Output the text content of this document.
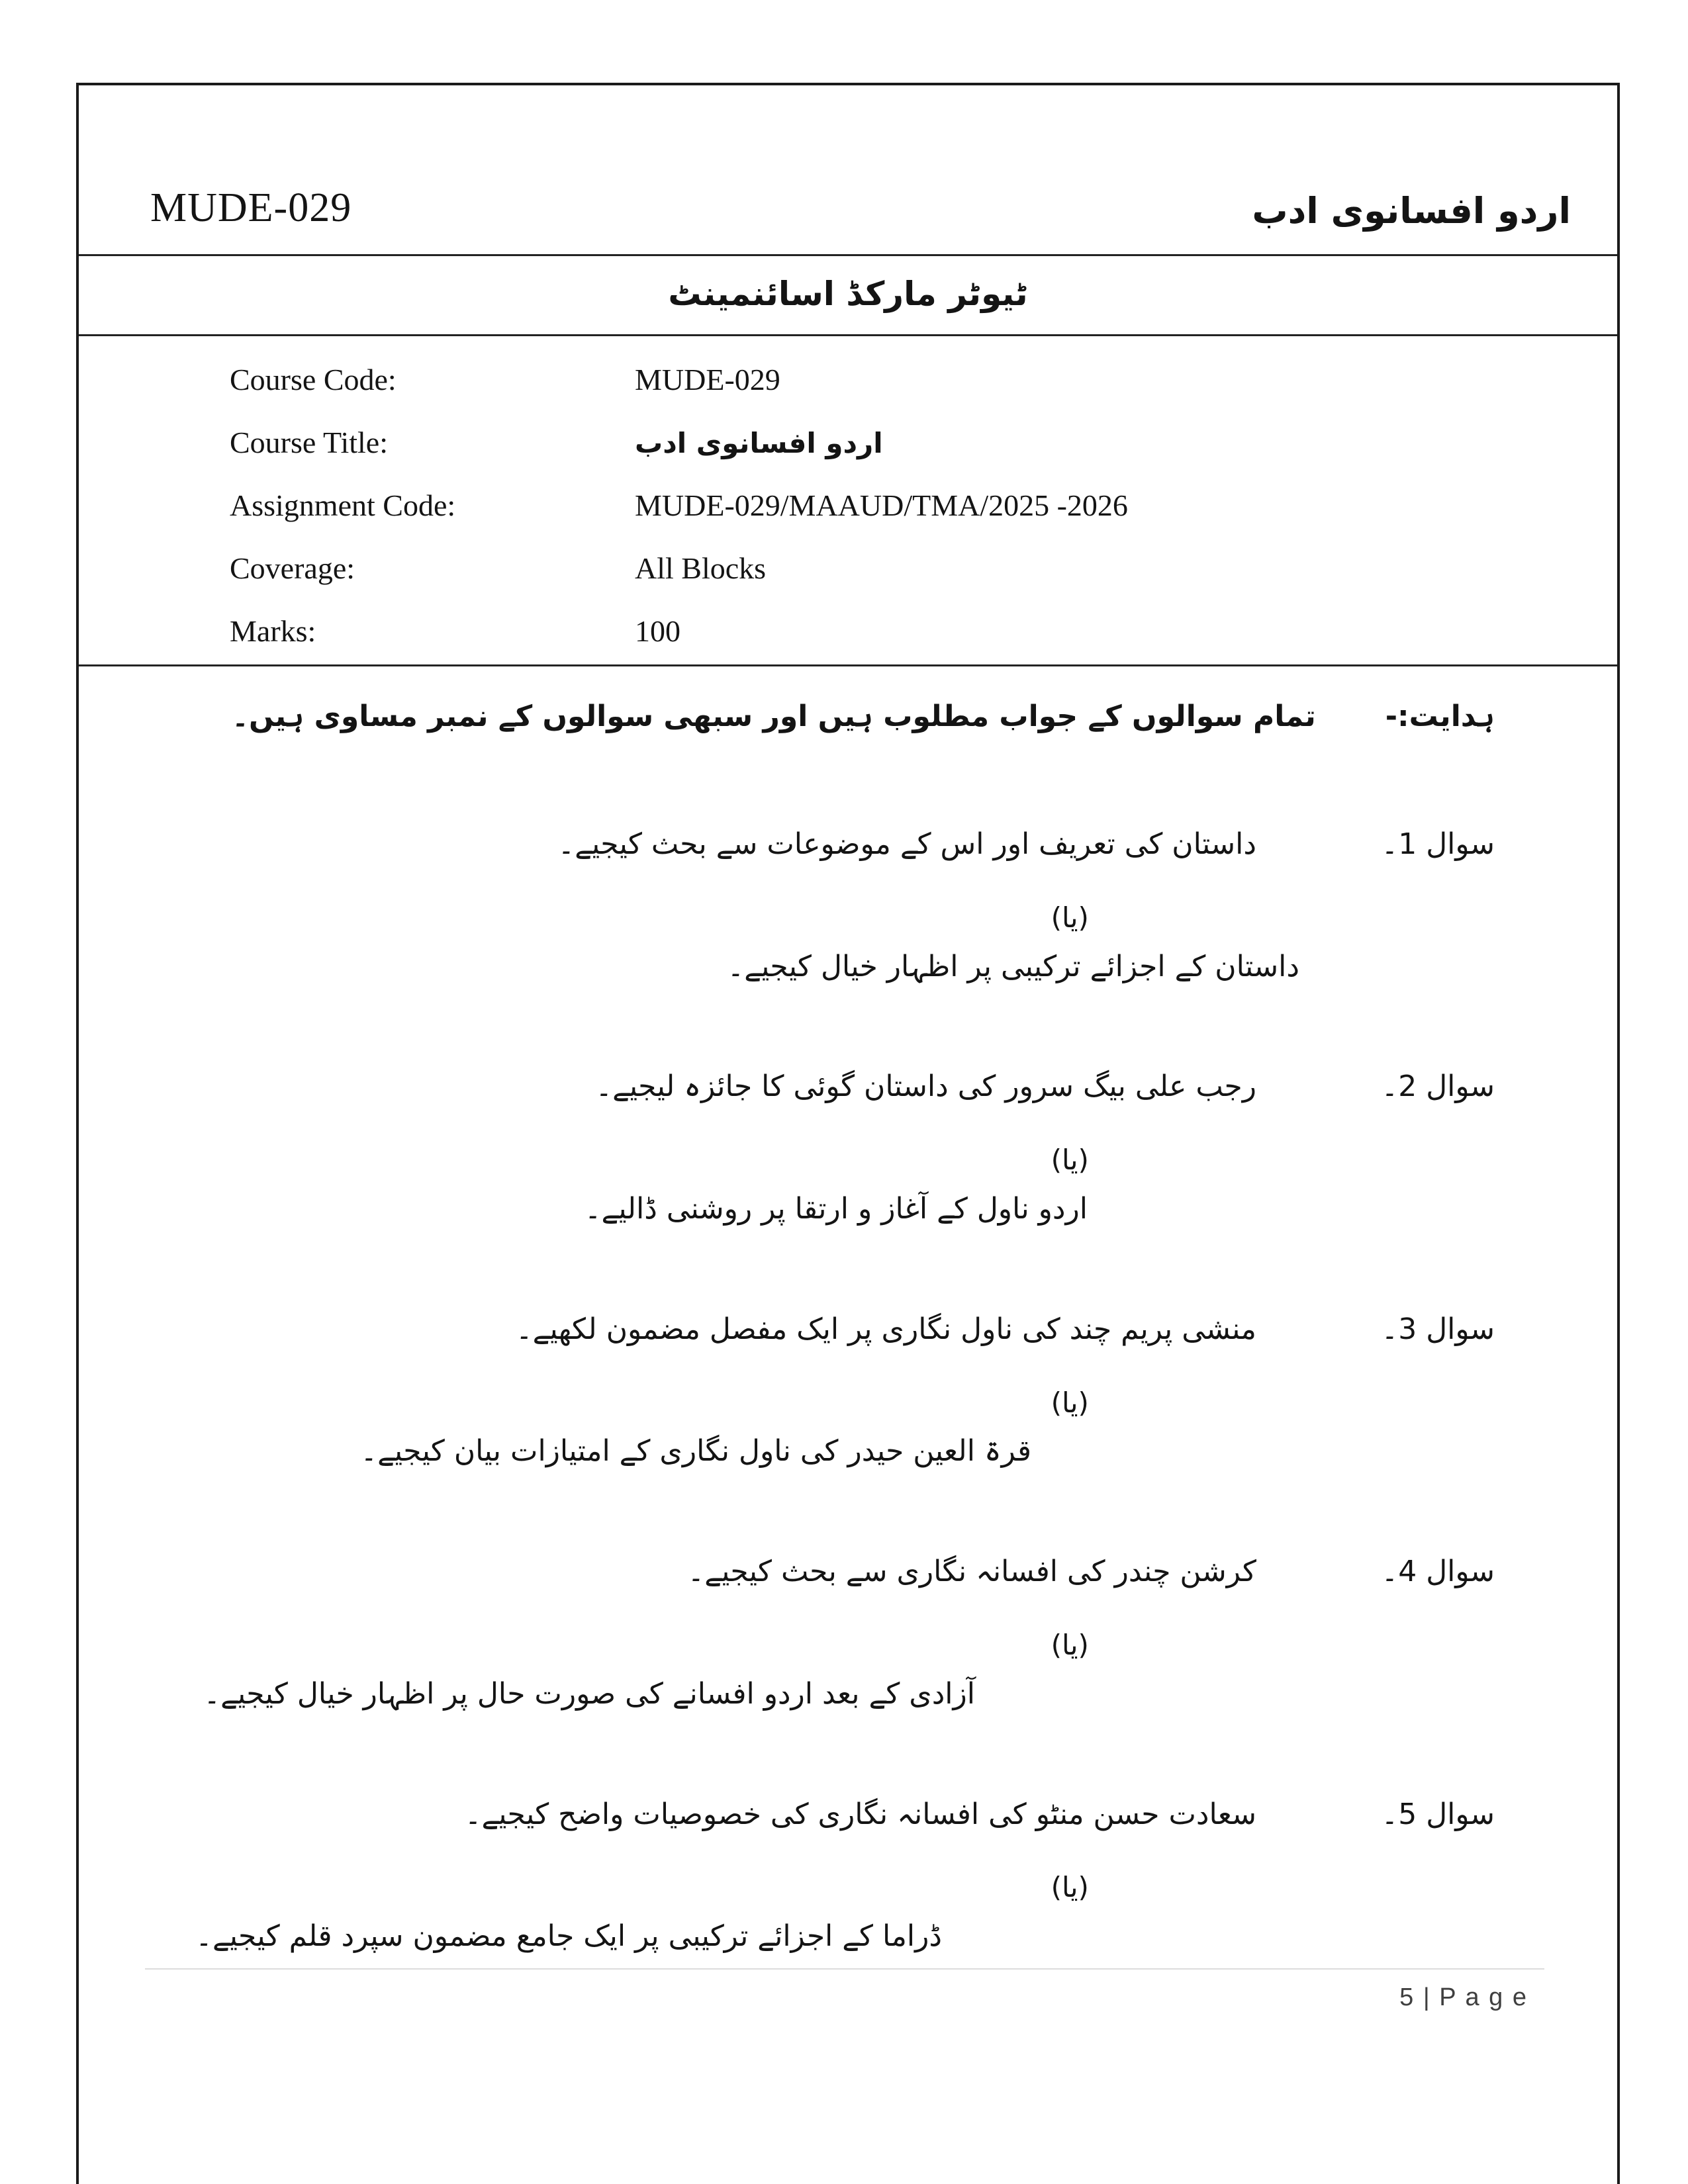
MUDE-029	اردو افسانوی ادب
ٹیوٹر مارکڈ اسائنمینٹ
Course Code:	MUDE-029
Course Title:	اردو افسانوی ادب
Assignment Code:	MUDE-029/MAAUD/TMA/2025 -2026
Coverage:	All Blocks
Marks:	100
ہدایت:-
تمام سوالوں کے جواب مطلوب ہیں اور سبھی سوالوں کے نمبر مساوی ہیں۔
سوال 1۔
داستان کی تعریف اور اس کے موضوعات سے بحث کیجیے۔
(یا)
داستان کے اجزائے ترکیبی پر اظہار خیال کیجیے۔
سوال 2۔
رجب علی بیگ سرور کی داستان گوئی کا جائزہ لیجیے۔
(یا)
اردو ناول کے آغاز و ارتقا پر روشنی ڈالیے۔
سوال 3۔
منشی پریم چند کی ناول نگاری پر ایک مفصل مضمون لکھیے۔
(یا)
قرۃ العین حیدر کی ناول نگاری کے امتیازات بیان کیجیے۔
سوال 4۔
کرشن چندر کی افسانہ نگاری سے بحث کیجیے۔
(یا)
آزادی کے بعد اردو افسانے کی صورت حال پر اظہار خیال کیجیے۔
سوال 5۔
سعادت حسن منٹو کی افسانہ نگاری کی خصوصیات واضح کیجیے۔
(یا)
ڈراما کے اجزائے ترکیبی پر ایک جامع مضمون سپرد قلم کیجیے۔
5 | P a g e
